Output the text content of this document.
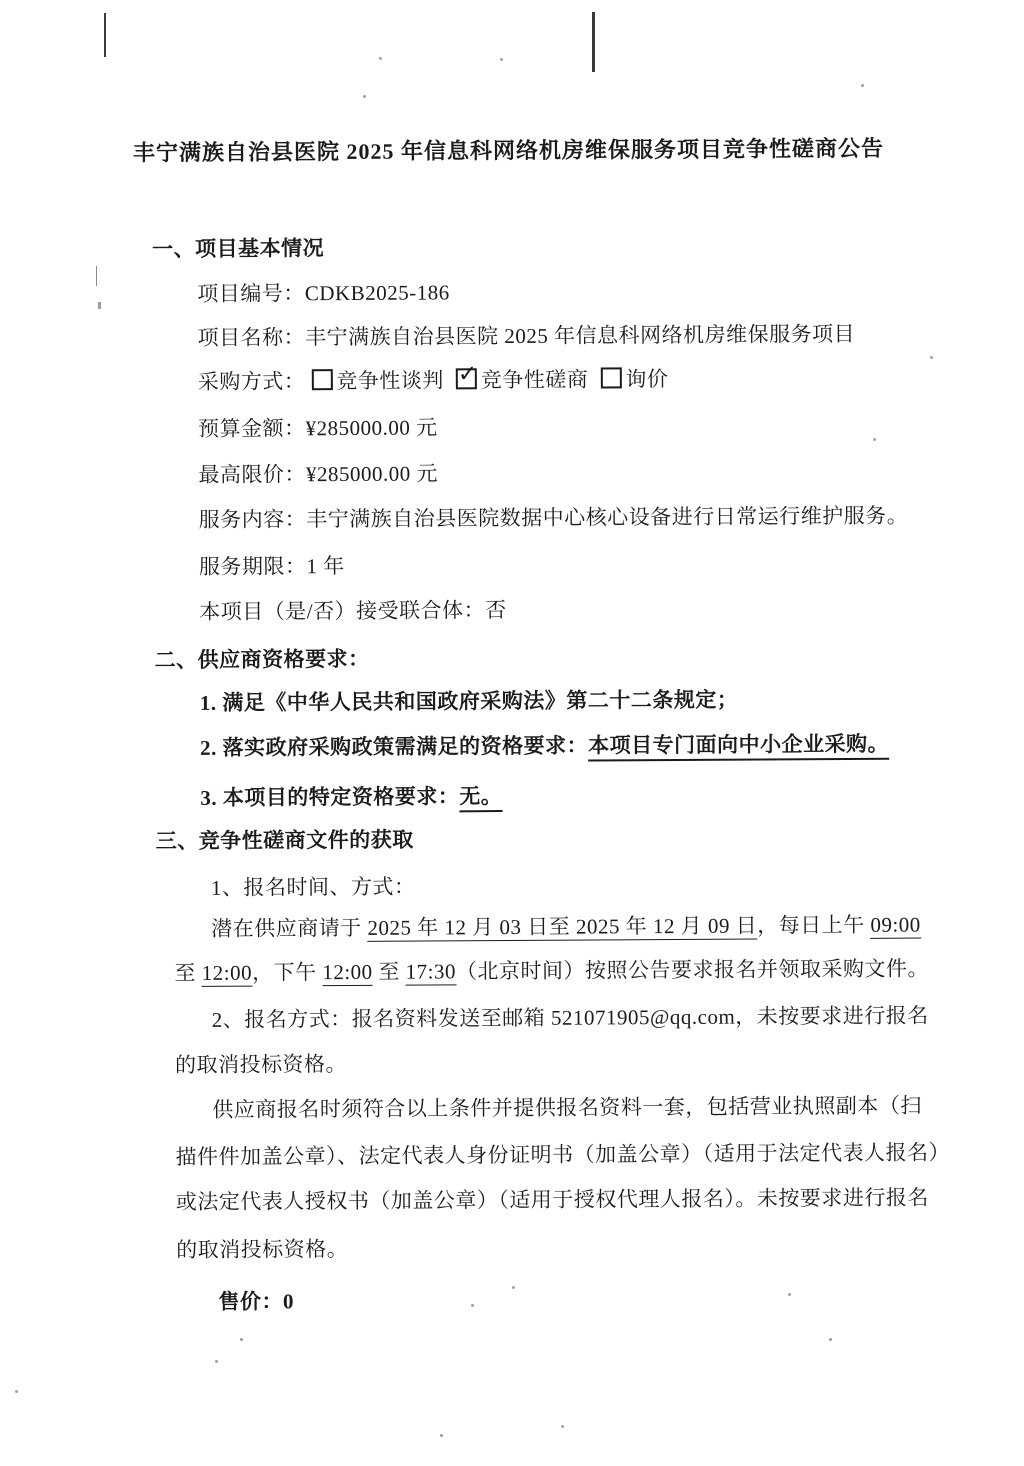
丰宁满族自治县医院 2025 年信息科网络机房维保服务项目竞争性磋商公告
一、项目基本情况
项目编号：CDKB2025-186
项目名称：丰宁满族自治县医院 2025 年信息科网络机房维保服务项目
采购方式： 竞争性谈判 ✓ 竞争性磋商 询价
预算金额：¥285000.00 元
最高限价：¥285000.00 元
服务内容：丰宁满族自治县医院数据中心核心设备进行日常运行维护服务。
服务期限：1 年
本项目（是/否）接受联合体：否
二、供应商资格要求：
1. 满足《中华人民共和国政府采购法》第二十二条规定；
2. 落实政府采购政策需满足的资格要求：本项目专门面向中小企业采购。
3. 本项目的特定资格要求：无。
三、竞争性磋商文件的获取
1、报名时间、方式：
潜在供应商请于 2025 年 12 月 03 日至 2025 年 12 月 09 日，每日上午 09:00
至 12:00，下午 12:00 至 17:30（北京时间）按照公告要求报名并领取采购文件。
2、报名方式：报名资料发送至邮箱 521071905@qq.com，未按要求进行报名
的取消投标资格。
供应商报名时须符合以上条件并提供报名资料一套，包括营业执照副本（扫
描件件加盖公章）、法定代表人身份证明书（加盖公章）（适用于法定代表人报名）
或法定代表人授权书（加盖公章）（适用于授权代理人报名）。未按要求进行报名
的取消投标资格。
售价：0
